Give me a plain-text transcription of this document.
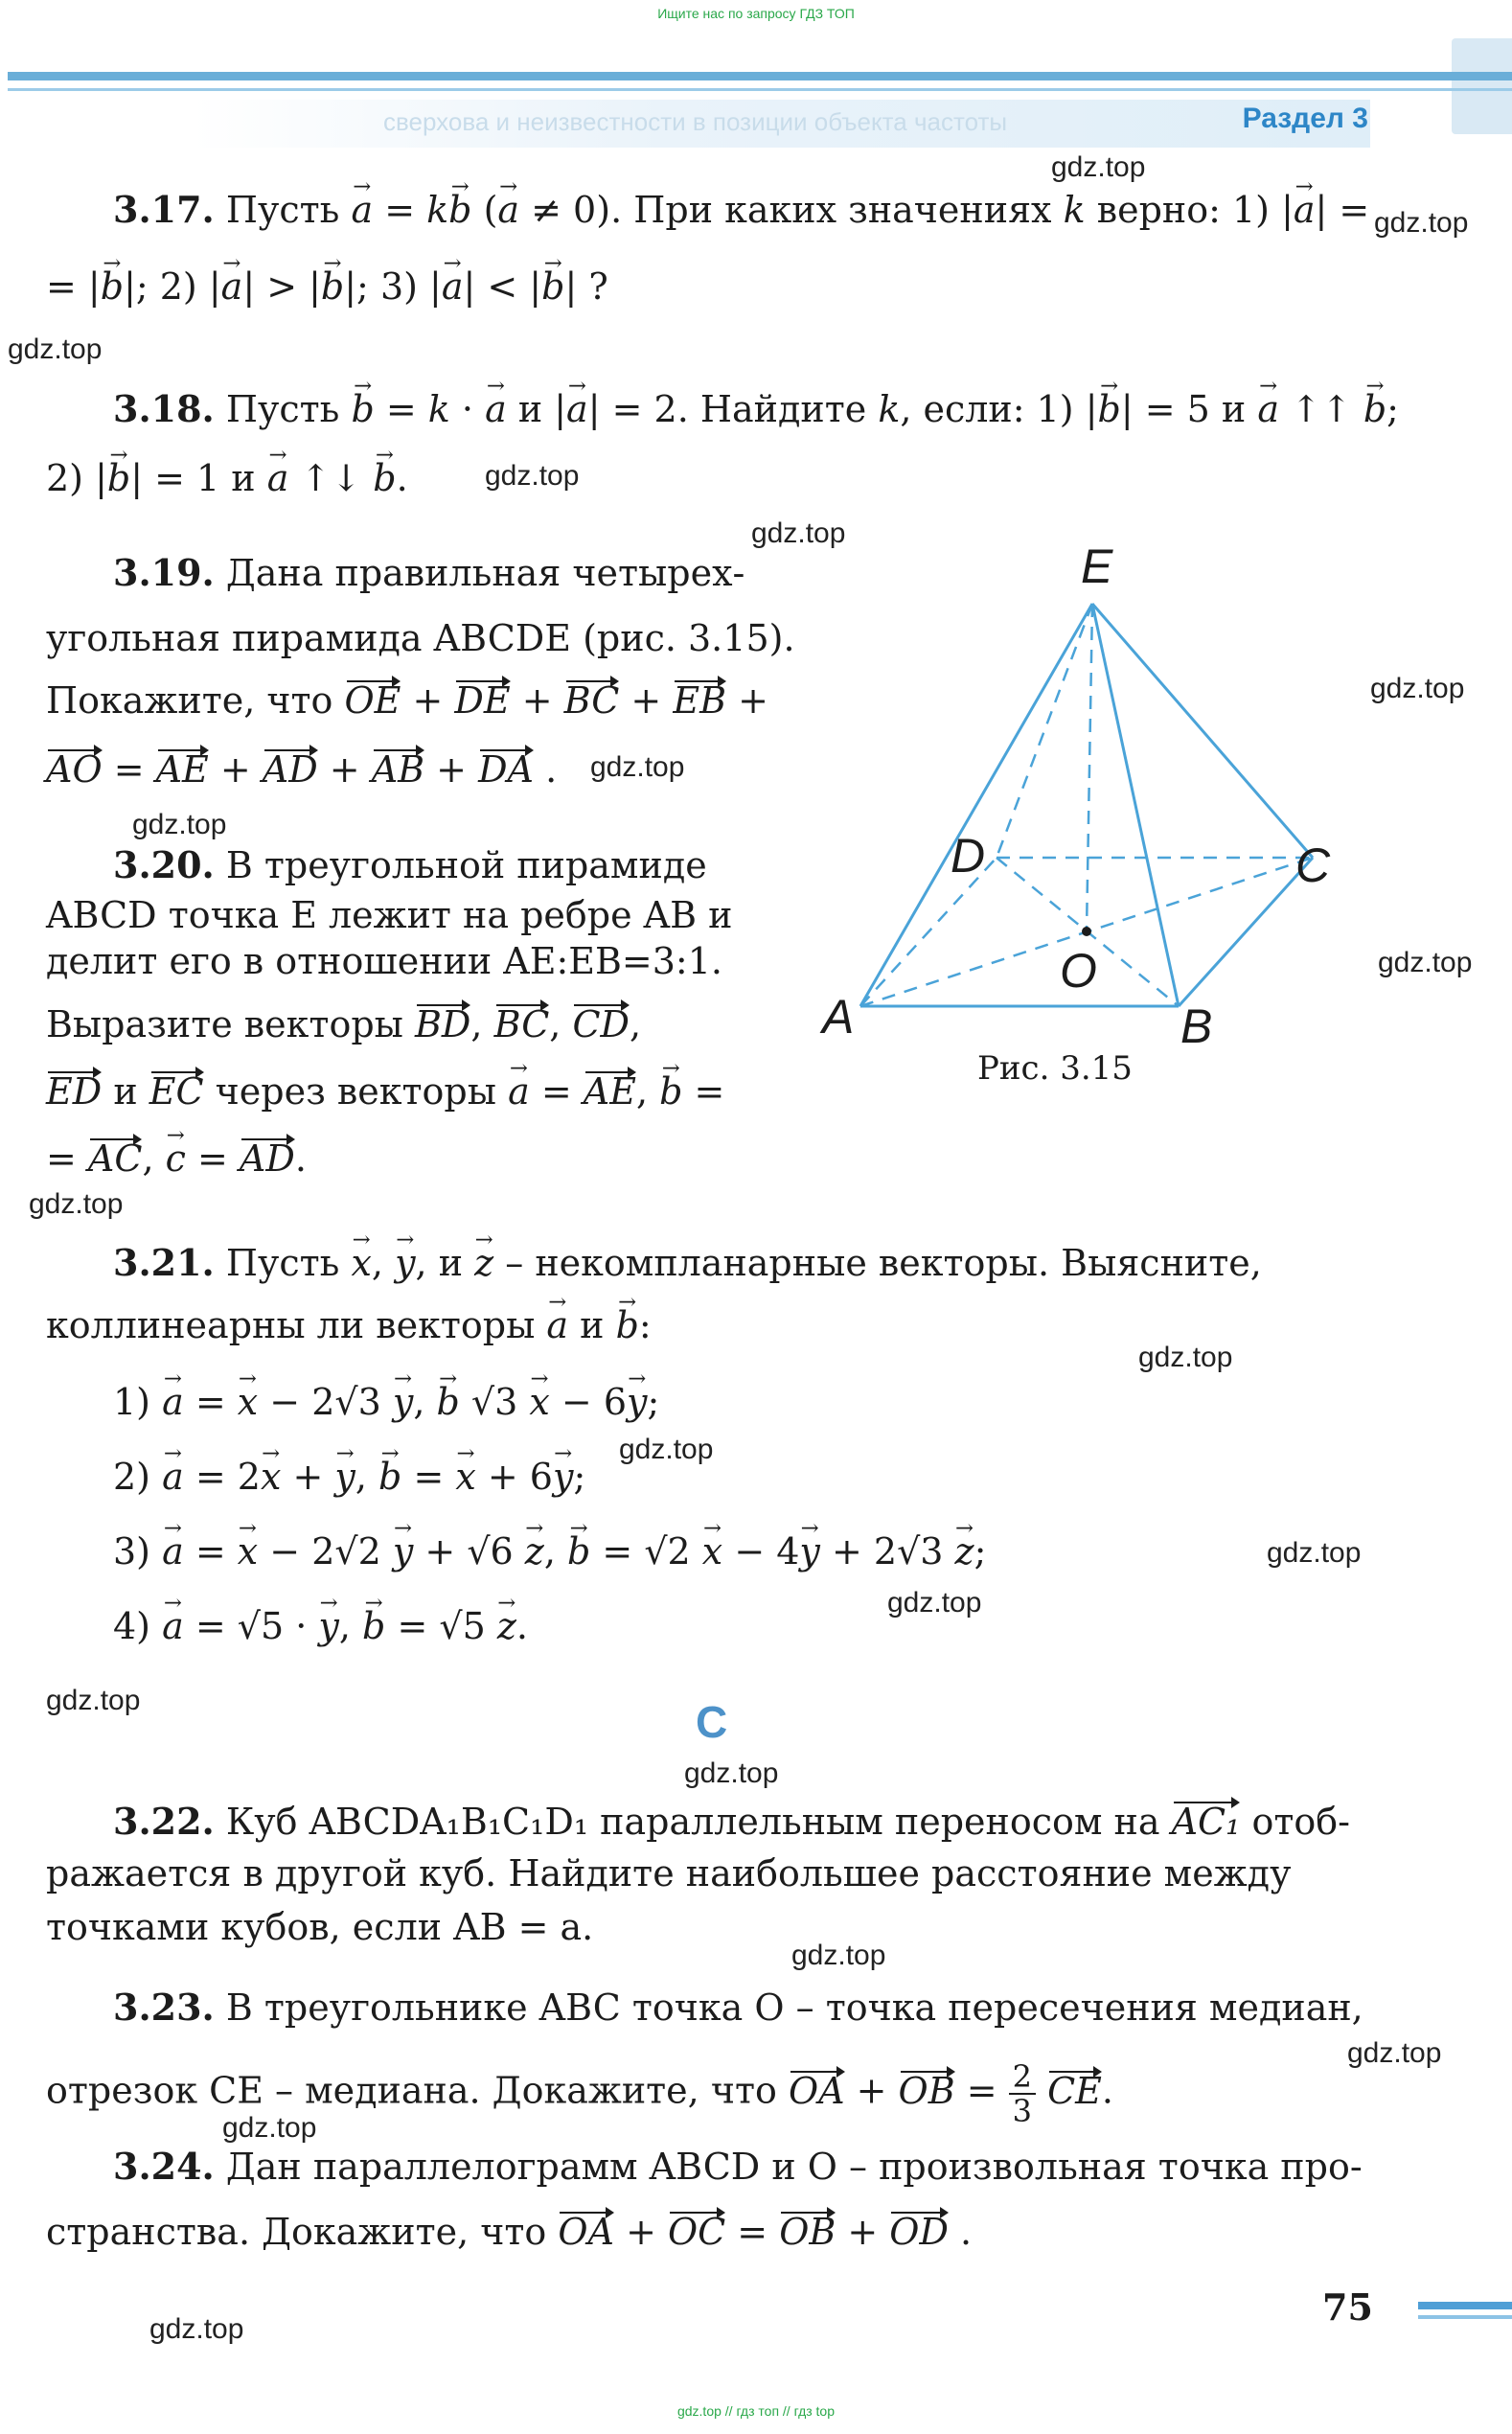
Ищите нас по запросу ГДЗ ТОП
сверхова и неизвестности в позиции объекта частоты	Раздел 3
3.17. Пусть → a = k→ b (→ a ≠ 0). При каких значениях k верно: 1) |→ a| =
= |→ b|; 2) |→ a| > |→ b|; 3) |→ a| < |→ b| ?
3.18. Пусть → b = k · → a и |→ a| = 2. Найдите k, если: 1) |→ b| = 5 и → a ↑↑ → b;
2) |→ b| = 1 и → a ↑↓ → b.
3.19. Дана правильная четырех-
угольная пирамида ABCDE (рис. 3.15).
Покажите, что OE + DE + BC + EB +
AO = AE + AD + AB + DA .
3.20. В треугольной пирамиде
ABCD точка E лежит на ребре AB и
делит его в отношении AE:EB=3:1.
Выразите векторы BD, BC, CD,
ED и EC через векторы → a = AE, → b =
= AC, → c = AD.
E
D	C
O
A	B
Рис. 3.15
3.21. Пусть → x, → y, и → z – некомпланарные векторы. Выясните,
коллинеарны ли векторы → a и → b:
1) → a = → x − 2√3 → y, → b √3 → x − 6→ y;
2) → a = 2→ x + → y, → b = → x + 6→ y;
3) → a = → x − 2√2 → y + √6 → z, → b = √2 → x − 4→ y + 2√3 → z;
4) → a = √5 · → y, → b = √5 → z.
С
3.22. Куб ABCDA₁B₁C₁D₁ параллельным переносом на AC₁ отоб-
ражается в другой куб. Найдите наибольшее расстояние между
точками кубов, если AB = a.
3.23. В треугольнике ABC точка O – точка пересечения медиан,
отрезок CE – медиана. Докажите, что OA + OB = $\frac{2}{3}$ CE.
3.24. Дан параллелограмм ABCD и O – произвольная точка про-
странства. Докажите, что OA + OC = OB + OD .
gdz.top
gdz.top
gdz.top
gdz.top
gdz.top
gdz.top
gdz.top
gdz.top
gdz.top
gdz.top
gdz.top
gdz.top
gdz.top
gdz.top
gdz.top
gdz.top
gdz.top
gdz.top
gdz.top
gdz.top
75
gdz.top // гдз топ // гдз top
